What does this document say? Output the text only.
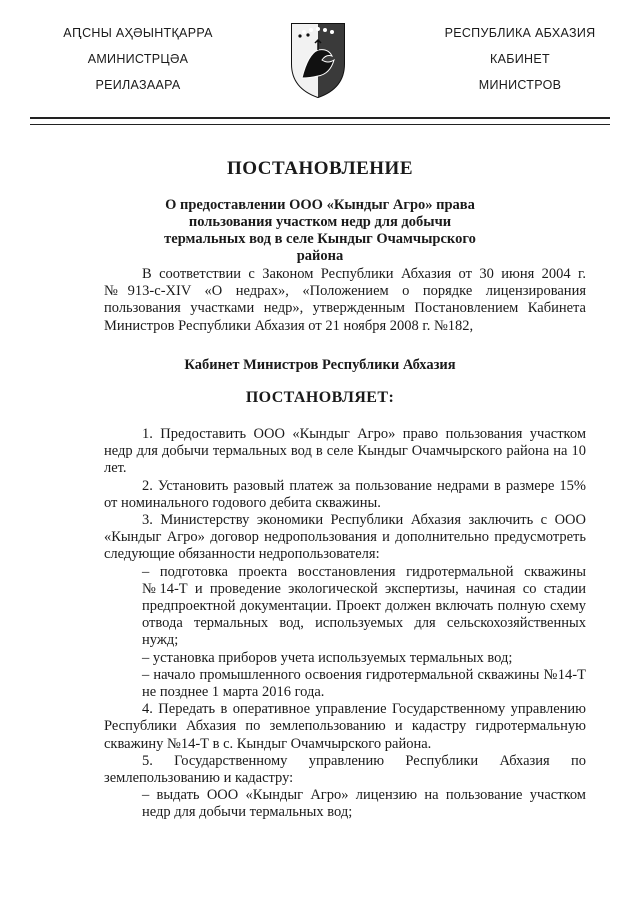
АԤСНЫ АҲӘЫНТҚАРРА
АМИНИСТРЦӘА
РЕИЛАЗААРА
РЕСПУБЛИКА АБХАЗИЯ
КАБИНЕТ
МИНИСТРОВ
ПОСТАНОВЛЕНИЕ
О предоставлении ООО «Кындыг Агро» права пользования участком недр для добычи термальных вод в селе Кындыг Очамчырского района

В соответствии с Законом Республики Абхазия от 30 июня 2004 г. №913-с-XIV «О недрах», «Положением о порядке лицензирования пользования участками недр», утвержденным Постановлением Кабинета Министров Республики Абхазия от 21 ноября 2008 г. №182,

Кабинет Министров Республики Абхазия
ПОСТАНОВЛЯЕТ:

1. Предоставить ООО «Кындыг Агро» право пользования участком недр для добычи термальных вод в селе Кындыг Очамчырского района на 10 лет.

2. Установить разовый платеж за пользование недрами в размере 15% от номинального годового дебита скважины.

3. Министерству экономики Республики Абхазия заключить с ООО «Кындыг Агро» договор недропользования и дополнительно предусмотреть следующие обязанности недропользователя:

– подготовка проекта восстановления гидротермальной скважины №14-Т и проведение экологической экспертизы, начиная со стадии предпроектной документации. Проект должен включать полную схему отвода термальных вод, используемых для сельскохозяйственных нужд;

– установка приборов учета используемых термальных вод;

– начало промышленного освоения гидротермальной скважины №14-Т не позднее 1 марта 2016 года.

4. Передать в оперативное управление Государственному управлению Республики Абхазия по землепользованию и кадастру гидротермальную скважину №14-Т в с. Кындыг Очамчырского района.

5. Государственному управлению Республики Абхазия по землепользованию и кадастру:

– выдать ООО «Кындыг Агро» лицензию на пользование участком недр для добычи термальных вод;
